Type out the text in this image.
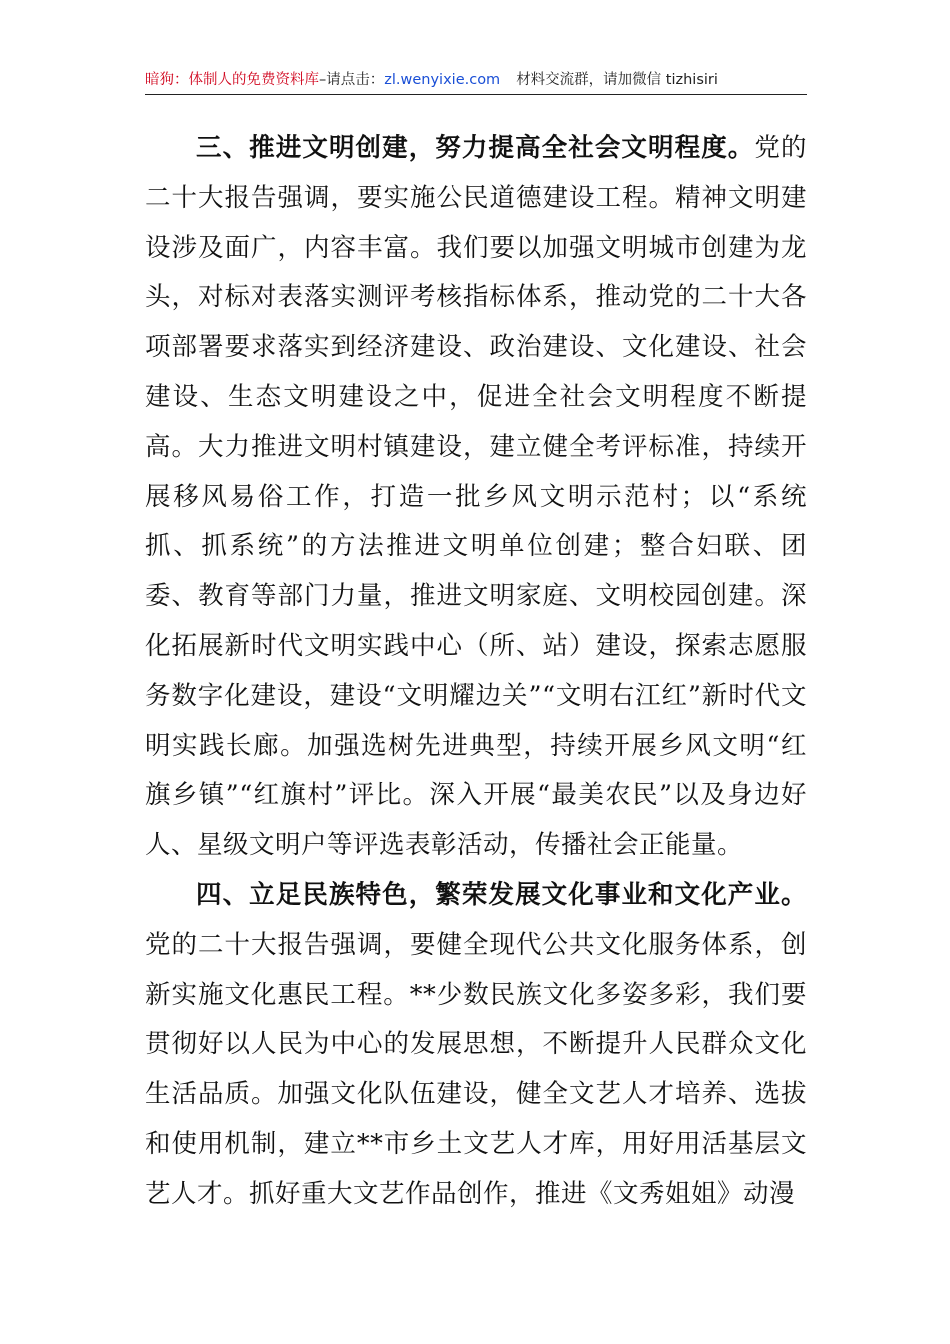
暗狗：体制人的免费资料库–请点击：zl.wenyixie.com 材料交流群，请加微信 tizhisiri

三、推进文明创建，努力提高全社会文明程度。党的二十大报告强调，要实施公民道德建设工程。精神文明建设涉及面广，内容丰富。我们要以加强文明城市创建为龙头，对标对表落实测评考核指标体系，推动党的二十大各项部署要求落实到经济建设、政治建设、文化建设、社会建设、生态文明建设之中，促进全社会文明程度不断提高。大力推进文明村镇建设，建立健全考评标准，持续开展移风易俗工作，打造一批乡风文明示范村；以“系统抓、抓系统”的方法推进文明单位创建；整合妇联、团委、教育等部门力量，推进文明家庭、文明校园创建。深化拓展新时代文明实践中心（所、站）建设，探索志愿服务数字化建设，建设“文明耀边关”“文明右江红”新时代文明实践长廊。加强选树先进典型，持续开展乡风文明“红旗乡镇”“红旗村”评比。深入开展“最美农民”以及身边好人、星级文明户等评选表彰活动，传播社会正能量。

四、立足民族特色，繁荣发展文化事业和文化产业。党的二十大报告强调，要健全现代公共文化服务体系，创新实施文化惠民工程。**少数民族文化多姿多彩，我们要贯彻好以人民为中心的发展思想，不断提升人民群众文化生活品质。加强文化队伍建设，健全文艺人才培养、选拔和使用机制，建立**市乡土文艺人才库，用好用活基层文艺人才。抓好重大文艺作品创作，推进《文秀姐姐》动漫
